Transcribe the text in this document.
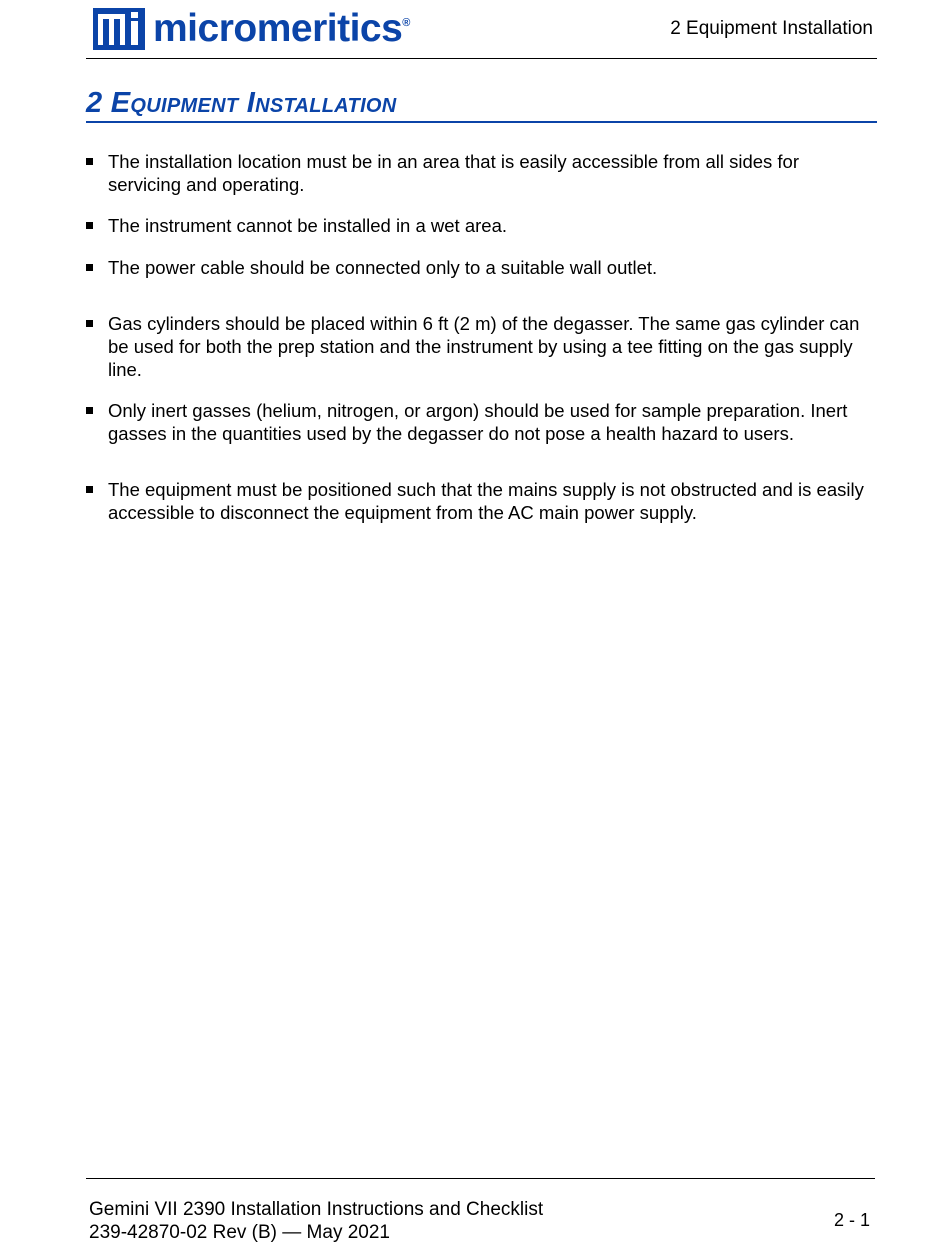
micromeritics ®	2 Equipment Installation
2 Equipment Installation
The installation location must be in an area that is easily accessible from all sides for servicing and operating.
The instrument cannot be installed in a wet area.
The power cable should be connected only to a suitable wall outlet.
Gas cylinders should be placed within 6 ft (2 m) of the degasser. The same gas cylinder can be used for both the prep station and the instrument by using a tee fitting on the gas supply line.
Only inert gasses (helium, nitrogen, or argon) should be used for sample preparation. Inert gasses in the quantities used by the degasser do not pose a health hazard to users.
The equipment must be positioned such that the mains supply is not obstructed and is easily accessible to disconnect the equipment from the AC main power supply.
Gemini VII 2390 Installation Instructions and Checklist
239-42870-02 Rev (B) — May 2021
2 - 1
